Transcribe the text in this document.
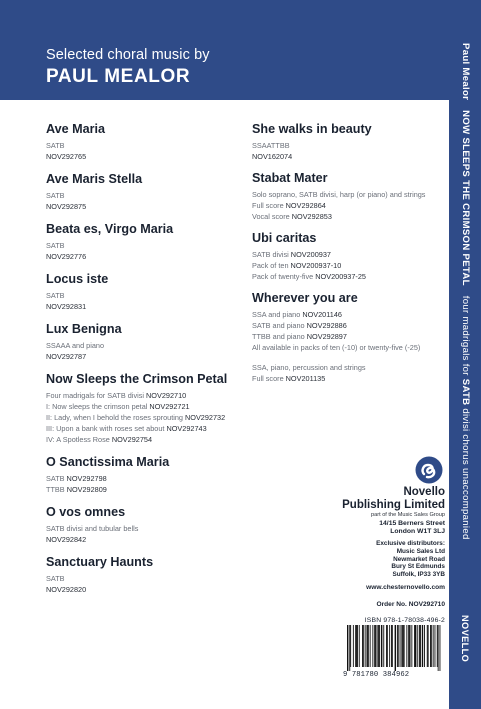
Selected choral music by
PAUL MEALOR	Paul MealorNOW SLEEPS THE CRIMSON PETALfour madrigals for SATB divisi chorus unaccompanied
NOVELLO
Ave Maria
SATB
NOV292765
Ave Maris Stella
SATB
NOV292875
Beata es, Virgo Maria
SATB
NOV292776
Locus iste
SATB
NOV292831
Lux Benigna
SSAAA and piano
NOV292787
Now Sleeps the Crimson Petal
Four madrigals for SATB divisi NOV292710
I: Now sleeps the crimson petal NOV292721
II: Lady, when I behold the roses sprouting NOV292732
III: Upon a bank with roses set about NOV292743
IV: A Spotless Rose NOV292754
O Sanctissima Maria
SATB NOV292798
TTBB NOV292809
O vos omnes
SATB divisi and tubular bells
NOV292842
Sanctuary Haunts
SATB
NOV292820
She walks in beauty
SSAATTBB
NOV162074
Stabat Mater
Solo soprano, SATB divisi, harp (or piano) and strings
Full score NOV292864
Vocal score NOV292853
Ubi caritas
SATB divisi NOV200937
Pack of ten NOV200937-10
Pack of twenty-five NOV200937-25
Wherever you are
SSA and piano NOV201146
SATB and piano NOV292886
TTBB and piano NOV292897
All available in packs of ten (-10) or twenty-five (-25)
SSA, piano, percussion and strings
Full score NOV201135
Novello
Publishing Limited
part of the Music Sales Group
14/15 Berners Street
London W1T 3LJ
Exclusive distributors:
Music Sales Ltd
Newmarket Road
Bury St Edmunds
Suffolk, IP33 3YB
www.chesternovello.com
Order No. NOV292710
ISBN 978-1-78038-496-2
9 781780 384962
